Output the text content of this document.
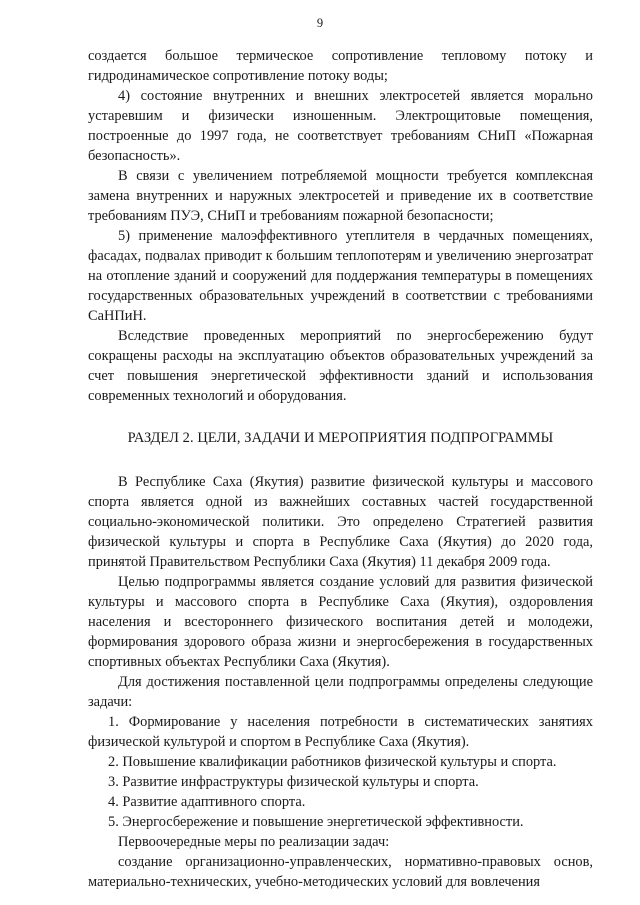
9

создается большое термическое сопротивление тепловому потоку и гидродинамическое сопротивление потоку воды;

4) состояние внутренних и внешних электросетей является морально устаревшим и физически изношенным. Электрощитовые помещения, построенные до 1997 года, не соответствует требованиям СНиП «Пожарная безопасность».

В связи с увеличением потребляемой мощности требуется комплексная замена внутренних и наружных электросетей и приведение их в соответствие требованиям ПУЭ, СНиП и требованиям пожарной безопасности;

5) применение малоэффективного утеплителя в чердачных помещениях, фасадах, подвалах приводит к большим теплопотерям и увеличению энергозатрат на отопление зданий и сооружений для поддержания температуры в помещениях государственных образовательных учреждений в соответствии с требованиями СаНПиН.

Вследствие проведенных мероприятий по энергосбережению будут сокращены расходы на эксплуатацию объектов образовательных учреждений за счет повышения энергетической эффективности зданий и использования современных технологий и оборудования.

РАЗДЕЛ 2. ЦЕЛИ, ЗАДАЧИ И МЕРОПРИЯТИЯ ПОДПРОГРАММЫ

В Республике Саха (Якутия) развитие физической культуры и массового спорта является одной из важнейших составных частей государственной социально-экономической политики. Это определено Стратегией развития физической культуры и спорта в Республике Саха (Якутия) до 2020 года, принятой Правительством Республики Саха (Якутия) 11 декабря 2009 года.

Целью подпрограммы является создание условий для развития физической культуры и массового спорта в Республике Саха (Якутия), оздоровления населения и всестороннего физического воспитания детей и молодежи, формирования здорового образа жизни и энергосбережения в государственных спортивных объектах Республики Саха (Якутия).

Для достижения поставленной цели подпрограммы определены следующие задачи:

1. Формирование у населения потребности в систематических занятиях физической культурой и спортом в Республике Саха (Якутия).

2. Повышение квалификации работников физической культуры и спорта.

3. Развитие инфраструктуры физической культуры и спорта.

4. Развитие адаптивного спорта.

5. Энергосбережение и повышение энергетической эффективности.

Первоочередные меры по реализации задач:

создание организационно-управленческих, нормативно-правовых основ, материально-технических, учебно-методических условий для вовлечения
